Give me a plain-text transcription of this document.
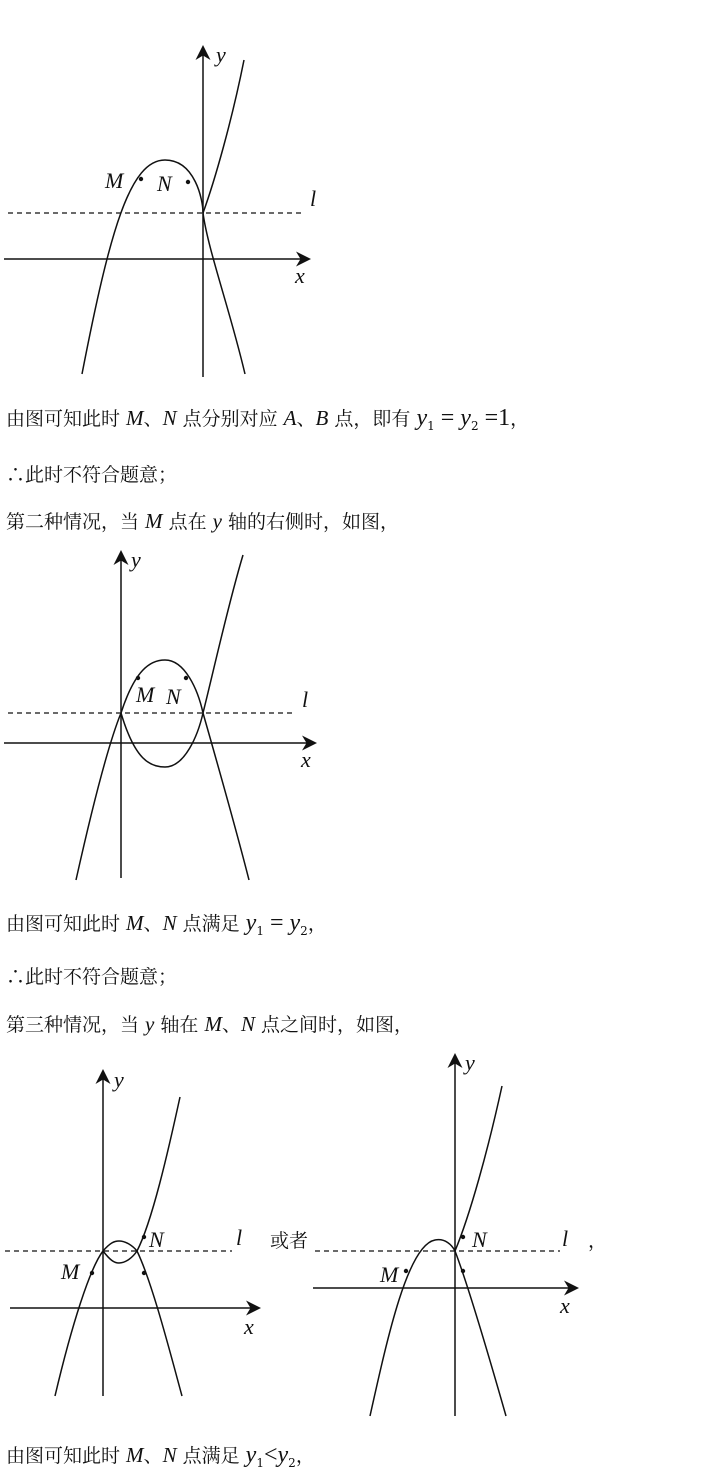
y
x
l
M N
由图可知此时 M、N 点分别对应 A、B 点，即有 $y_1 = y_2 =1$，
∴此时不符合题意；
第二种情况，当 M 点在 y 轴的右侧时，如图，
y
x
l
M N
由图可知此时 M、N 点满足 $y_1 = y_2$，
∴此时不符合题意；
第三种情况，当 y 轴在 M、N 点之间时，如图，
y
x
l
M
N	或者
y
x
l
M
N	，
由图可知此时 M、N 点满足 $y_1<y_2$，
